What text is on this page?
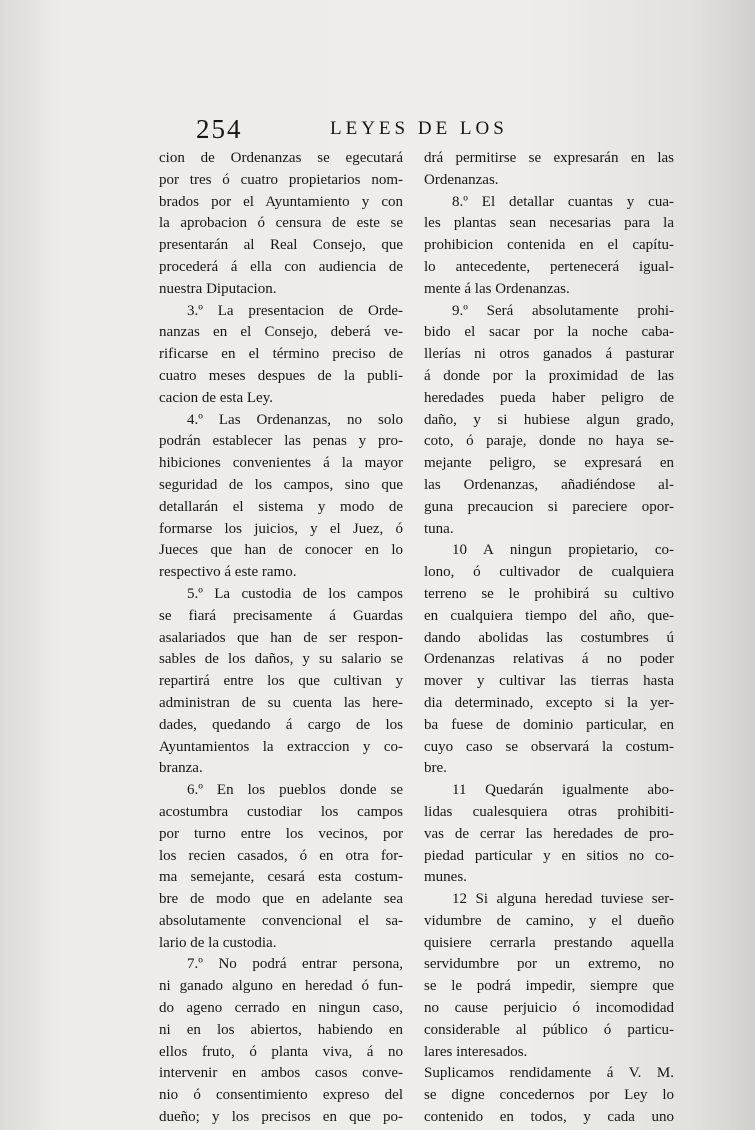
254	LEYES DE LOS
cion de Ordenanzas se egecutará
por tres ó cuatro propietarios nom-
brados por el Ayuntamiento y con
la aprobacion ó censura de este se
presentarán al Real Consejo, que
procederá á ella con audiencia de
nuestra Diputacion.
3.º La presentacion de Orde-
nanzas en el Consejo, deberá ve-
rificarse en el término preciso de
cuatro meses despues de la publi-
cacion de esta Ley.
4.º Las Ordenanzas, no solo
podrán establecer las penas y pro-
hibiciones convenientes á la mayor
seguridad de los campos, sino que
detallarán el sistema y modo de
formarse los juicios, y el Juez, ó
Jueces que han de conocer en lo
respectivo á este ramo.
5.º La custodia de los campos
se fiará precisamente á Guardas
asalariados que han de ser respon-
sables de los daños, y su salario se
repartirá entre los que cultivan y
administran de su cuenta las here-
dades, quedando á cargo de los
Ayuntamientos la extraccion y co-
branza.
6.º En los pueblos donde se
acostumbra custodiar los campos
por turno entre los vecinos, por
los recien casados, ó en otra for-
ma semejante, cesará esta costum-
bre de modo que en adelante sea
absolutamente convencional el sa-
lario de la custodia.
7.º No podrá entrar persona,
ni ganado alguno en heredad ó fun-
do ageno cerrado en ningun caso,
ni en los abiertos, habiendo en
ellos fruto, ó planta viva, á no
intervenir en ambos casos conve-
nio ó consentimiento expreso del
dueño; y los precisos en que po-
drá permitirse se expresarán en las
Ordenanzas.
8.º El detallar cuantas y cua-
les plantas sean necesarias para la
prohibicion contenida en el capítu-
lo antecedente, pertenecerá igual-
mente á las Ordenanzas.
9.º Será absolutamente prohi-
bido el sacar por la noche caba-
llerías ni otros ganados á pasturar
á donde por la proximidad de las
heredades pueda haber peligro de
daño, y si hubiese algun grado,
coto, ó paraje, donde no haya se-
mejante peligro, se expresará en
las Ordenanzas, añadiéndose al-
guna precaucion si pareciere opor-
tuna.
10 A ningun propietario, co-
lono, ó cultivador de cualquiera
terreno se le prohibirá su cultivo
en cualquiera tiempo del año, que-
dando abolidas las costumbres ú
Ordenanzas relativas á no poder
mover y cultivar las tierras hasta
dia determinado, excepto si la yer-
ba fuese de dominio particular, en
cuyo caso se observará la costum-
bre.
11 Quedarán igualmente abo-
lidas cualesquiera otras prohibiti-
vas de cerrar las heredades de pro-
piedad particular y en sitios no co-
munes.
12 Si alguna heredad tuviese ser-
vidumbre de camino, y el dueño
quisiere cerrarla prestando aquella
servidumbre por un extremo, no
se le podrá impedir, siempre que
no cause perjuicio ó incomodidad
considerable al público ó particu-
lares interesados.
Suplicamos rendidamente á V. M.
se digne concedernos por Ley lo
contenido en todos, y cada uno
